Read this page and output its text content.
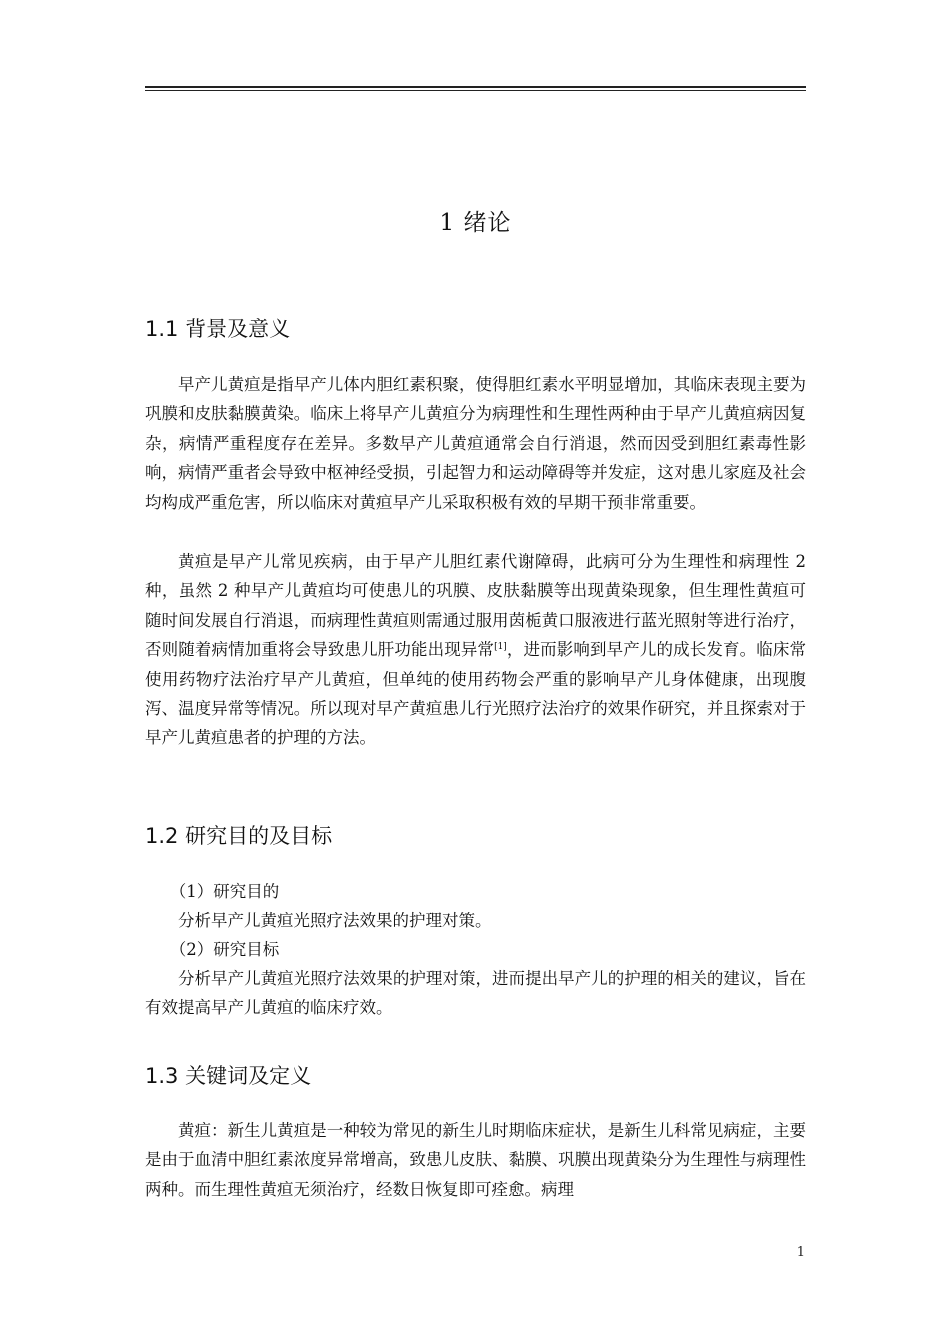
1 绪论
1.1 背景及意义

早产儿黄疸是指早产儿体内胆红素积聚，使得胆红素水平明显增加，其临床表现主要为巩膜和皮肤黏膜黄染。临床上将早产儿黄疸分为病理性和生理性两种由于早产儿黄疸病因复杂，病情严重程度存在差异。多数早产儿黄疸通常会自行消退，然而因受到胆红素毒性影响，病情严重者会导致中枢神经受损，引起智力和运动障碍等并发症，这对患儿家庭及社会均构成严重危害，所以临床对黄疸早产儿采取积极有效的早期干预非常重要。

黄疸是早产儿常见疾病，由于早产儿胆红素代谢障碍，此病可分为生理性和病理性 2 种，虽然 2 种早产儿黄疸均可使患儿的巩膜、皮肤黏膜等出现黄染现象，但生理性黄疸可随时间发展自行消退，而病理性黄疸则需通过服用茵栀黄口服液进行蓝光照射等进行治疗，否则随着病情加重将会导致患儿肝功能出现异常[1]，进而影响到早产儿的成长发育。临床常使用药物疗法治疗早产儿黄疸，但单纯的使用药物会严重的影响早产儿身体健康，出现腹泻、温度异常等情况。所以现对早产黄疸患儿行光照疗法治疗的效果作研究，并且探索对于早产儿黄疸患者的护理的方法。

1.2 研究目的及目标

（1）研究目的

分析早产儿黄疸光照疗法效果的护理对策。

（2）研究目标

分析早产儿黄疸光照疗法效果的护理对策，进而提出早产儿的护理的相关的建议，旨在有效提高早产儿黄疸的临床疗效。

1.3 关键词及定义

黄疸：新生儿黄疸是一种较为常见的新生儿时期临床症状，是新生儿科常见病症，主要是由于血清中胆红素浓度异常增高，致患儿皮肤、黏膜、巩膜出现黄染分为生理性与病理性两种。而生理性黄疸无须治疗，经数日恢复即可痊愈。病理

1
